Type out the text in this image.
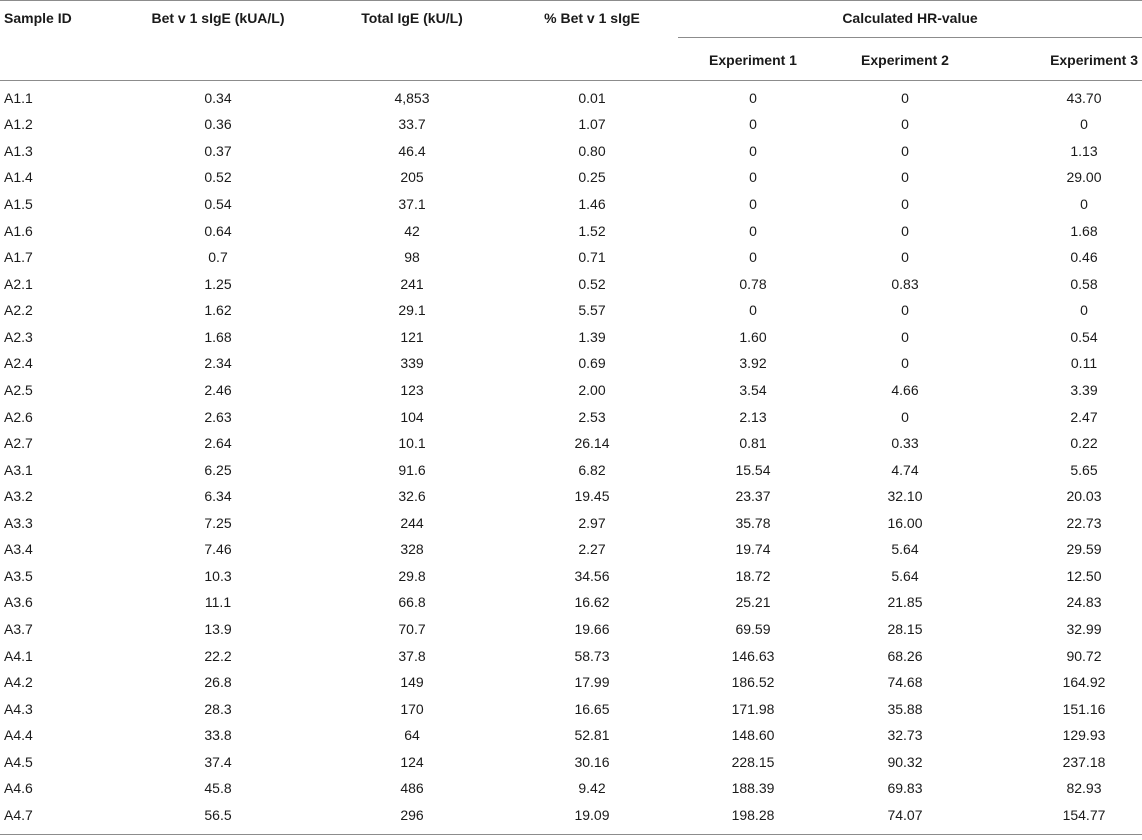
Sample ID	Bet v 1 sIgE (kUA/L)	Total IgE (kU/L)	% Bet v 1 sIgE	Calculated HR-value		
				Experiment 1	Experiment 2	Experiment 3
A1.1	0.34	4,853	0.01	0	0	43.70
A1.2	0.36	33.7	1.07	0	0	0
A1.3	0.37	46.4	0.80	0	0	1.13
A1.4	0.52	205	0.25	0	0	29.00
A1.5	0.54	37.1	1.46	0	0	0
A1.6	0.64	42	1.52	0	0	1.68
A1.7	0.7	98	0.71	0	0	0.46
A2.1	1.25	241	0.52	0.78	0.83	0.58
A2.2	1.62	29.1	5.57	0	0	0
A2.3	1.68	121	1.39	1.60	0	0.54
A2.4	2.34	339	0.69	3.92	0	0.11
A2.5	2.46	123	2.00	3.54	4.66	3.39
A2.6	2.63	104	2.53	2.13	0	2.47
A2.7	2.64	10.1	26.14	0.81	0.33	0.22
A3.1	6.25	91.6	6.82	15.54	4.74	5.65
A3.2	6.34	32.6	19.45	23.37	32.10	20.03
A3.3	7.25	244	2.97	35.78	16.00	22.73
A3.4	7.46	328	2.27	19.74	5.64	29.59
A3.5	10.3	29.8	34.56	18.72	5.64	12.50
A3.6	11.1	66.8	16.62	25.21	21.85	24.83
A3.7	13.9	70.7	19.66	69.59	28.15	32.99
A4.1	22.2	37.8	58.73	146.63	68.26	90.72
A4.2	26.8	149	17.99	186.52	74.68	164.92
A4.3	28.3	170	16.65	171.98	35.88	151.16
A4.4	33.8	64	52.81	148.60	32.73	129.93
A4.5	37.4	124	30.16	228.15	90.32	237.18
A4.6	45.8	486	9.42	188.39	69.83	82.93
A4.7	56.5	296	19.09	198.28	74.07	154.77
